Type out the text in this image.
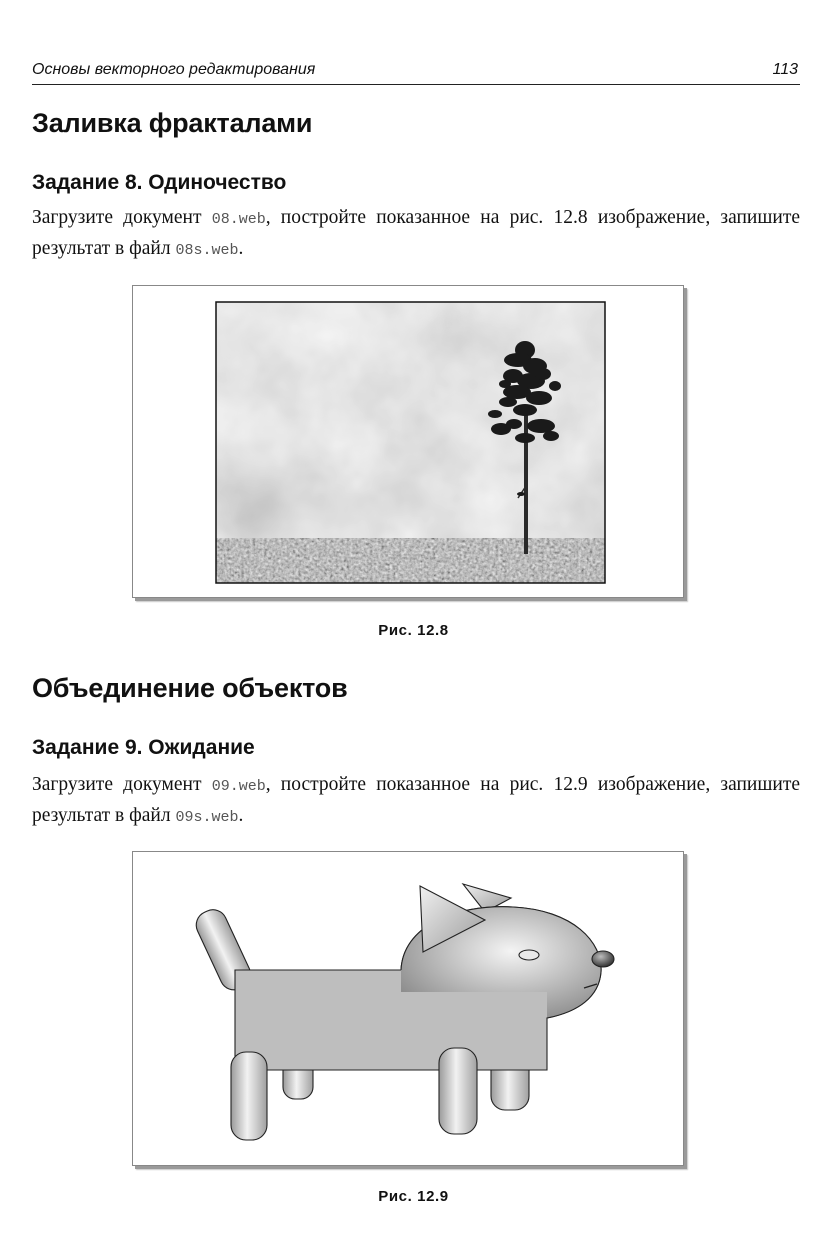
Основы векторного редактирования	113
Заливка фракталами
Задание 8. Одиночество

Загрузите документ 08.web, постройте показанное на рис. 12.8 изображение, запишите результат в файл 08s.web.

Рис. 12.8
Объединение объектов
Задание 9. Ожидание

Загрузите документ 09.web, постройте показанное на рис. 12.9 изображение, запишите результат в файл 09s.web.

Рис. 12.9
